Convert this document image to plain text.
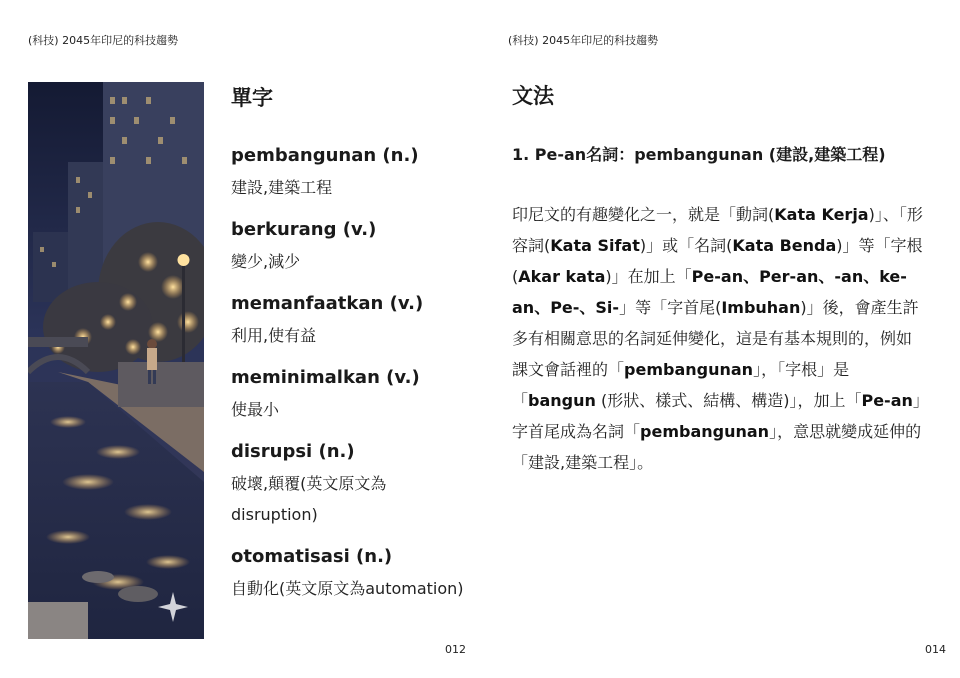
(科技) 2045年印尼的科技趨勢
單字
pembangunan (n.)
建設,建築工程
berkurang (v.)
變少,減少
memanfaatkan (v.)
利用,使有益
meminimalkan (v.)
使最小
disrupsi (n.)
破壞,顛覆(英文原文為disruption)
otomatisasi (n.)
自動化(英文原文為automation)
012
(科技) 2045年印尼的科技趨勢
014
文法
1. Pe-an名詞：pembangunan (建設,建築工程)
印尼文的有趣變化之一，就是「動詞(Kata Kerja)」、「形容詞(Kata Sifat)」或「名詞(Kata Benda)」等「字根(Akar kata)」在加上「Pe-an、Per-an、-an、ke-an、Pe-、Si-」等「字首尾(Imbuhan)」後，會產生許多有相關意思的名詞延伸變化，這是有基本規則的，例如課文會話裡的「pembangunan」，「字根」是「bangun (形狀、樣式、結構、構造)」，加上「Pe-an」字首尾成為名詞「pembangunan」，意思就變成延伸的「建設,建築工程」。
